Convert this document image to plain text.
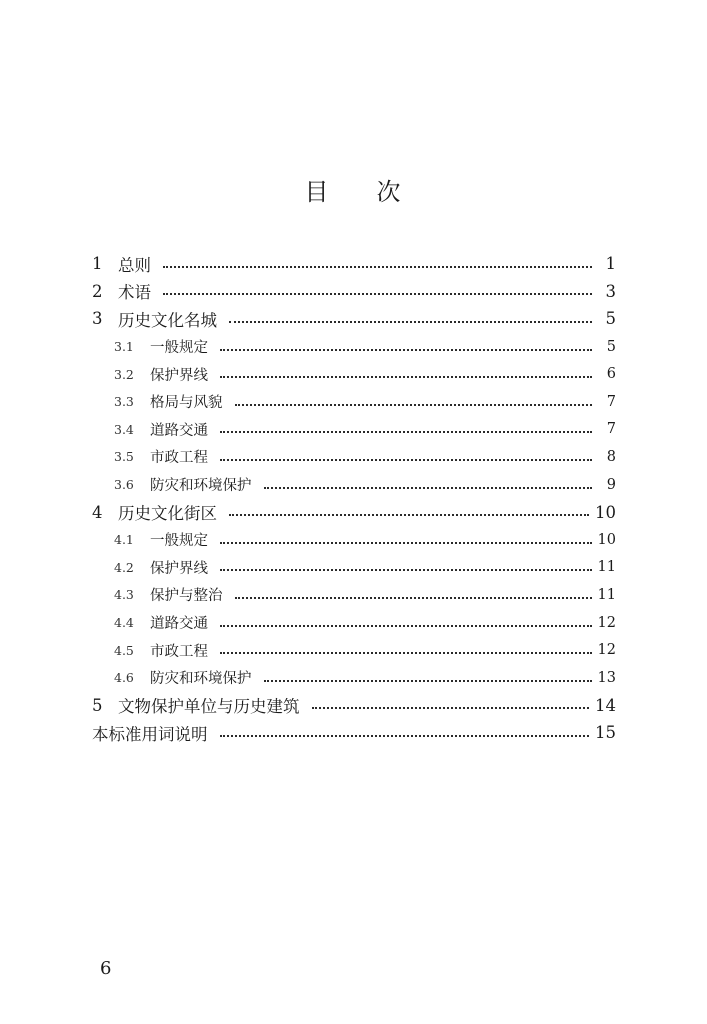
目 次
1 总则	1
2 术语	3
3 历史文化名城	5
3.1	一般规定	5
3.2	保护界线	6
3.3	格局与风貌	7
3.4	道路交通	7
3.5	市政工程	8
3.6	防灾和环境保护	9
4 历史文化街区	10
4.1	一般规定	10
4.2	保护界线	11
4.3	保护与整治	11
4.4	道路交通	12
4.5	市政工程	12
4.6	防灾和环境保护	13
5 文物保护单位与历史建筑	14
本标准用词说明	15
6
